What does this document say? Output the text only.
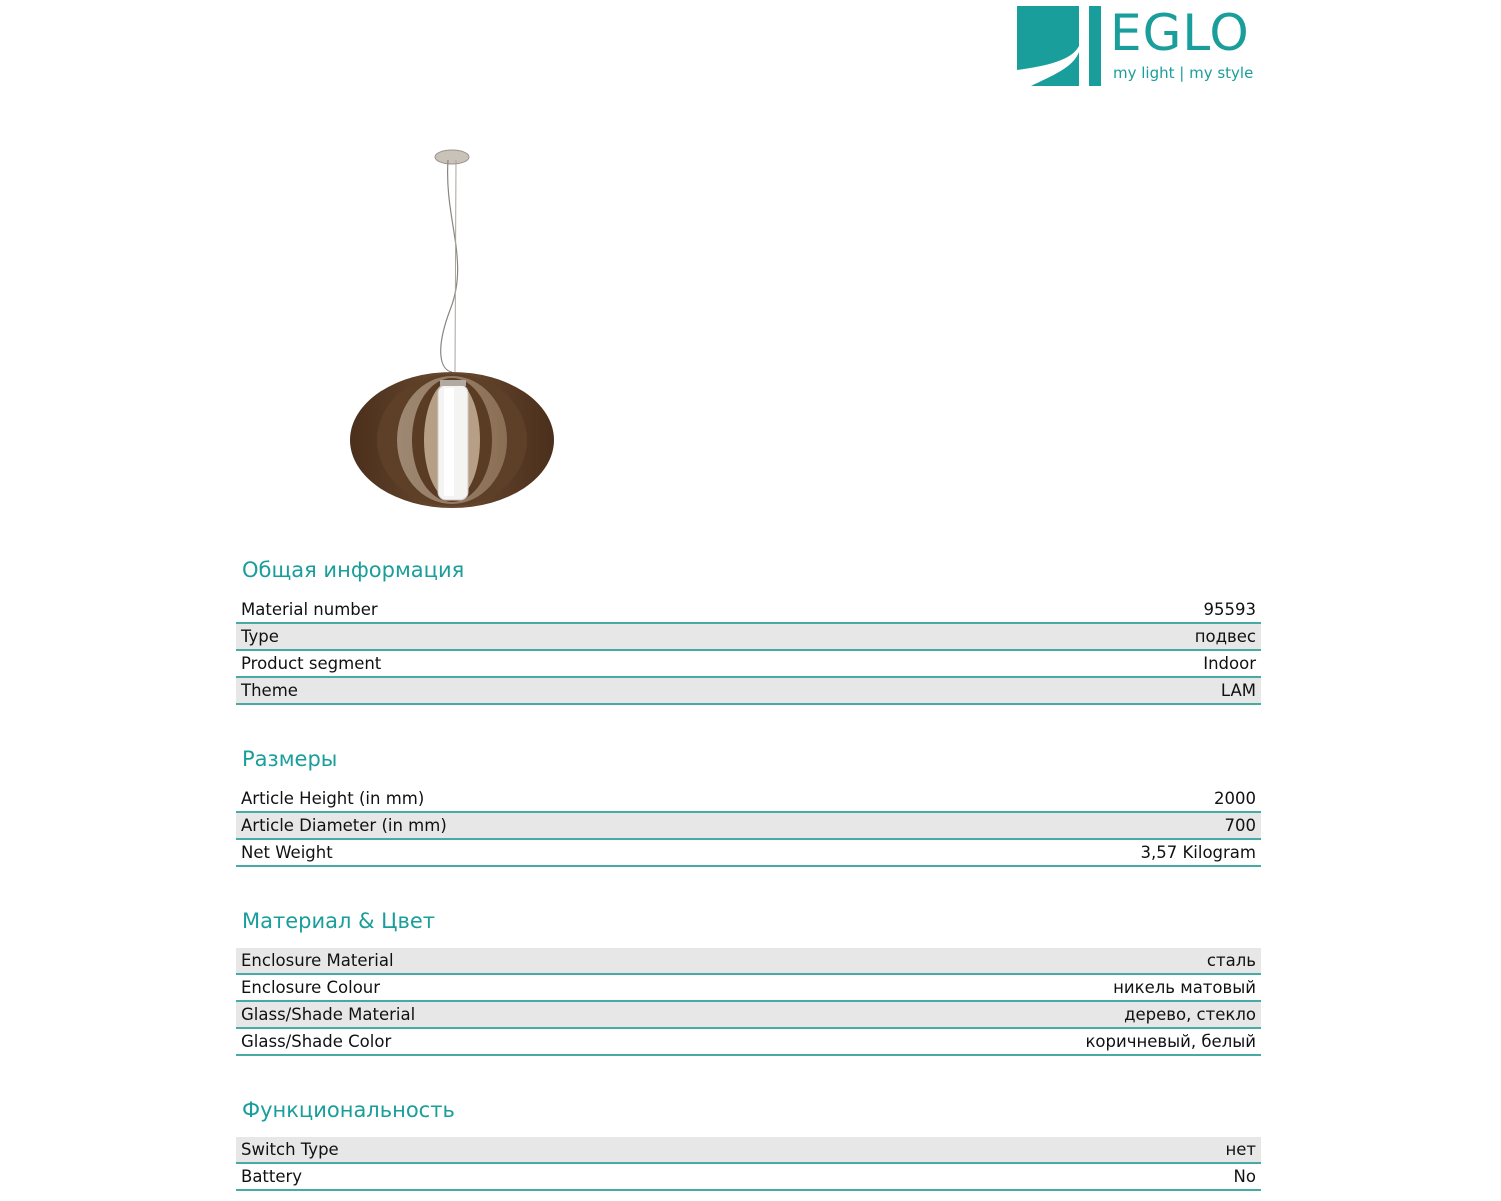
EGLO
my light | my style
Общая информация
Material number	95593
Type	подвес
Product segment	Indoor
Theme	LAM
Размеры
Article Height (in mm)	2000
Article Diameter (in mm)	700
Net Weight	3,57 Kilogram
Материал & Цвет
Enclosure Material	сталь
Enclosure Colour	никель матовый
Glass/Shade Material	дерево, стекло
Glass/Shade Color	коричневый, белый
Функциональность
Switch Type	нет
Battery	No
